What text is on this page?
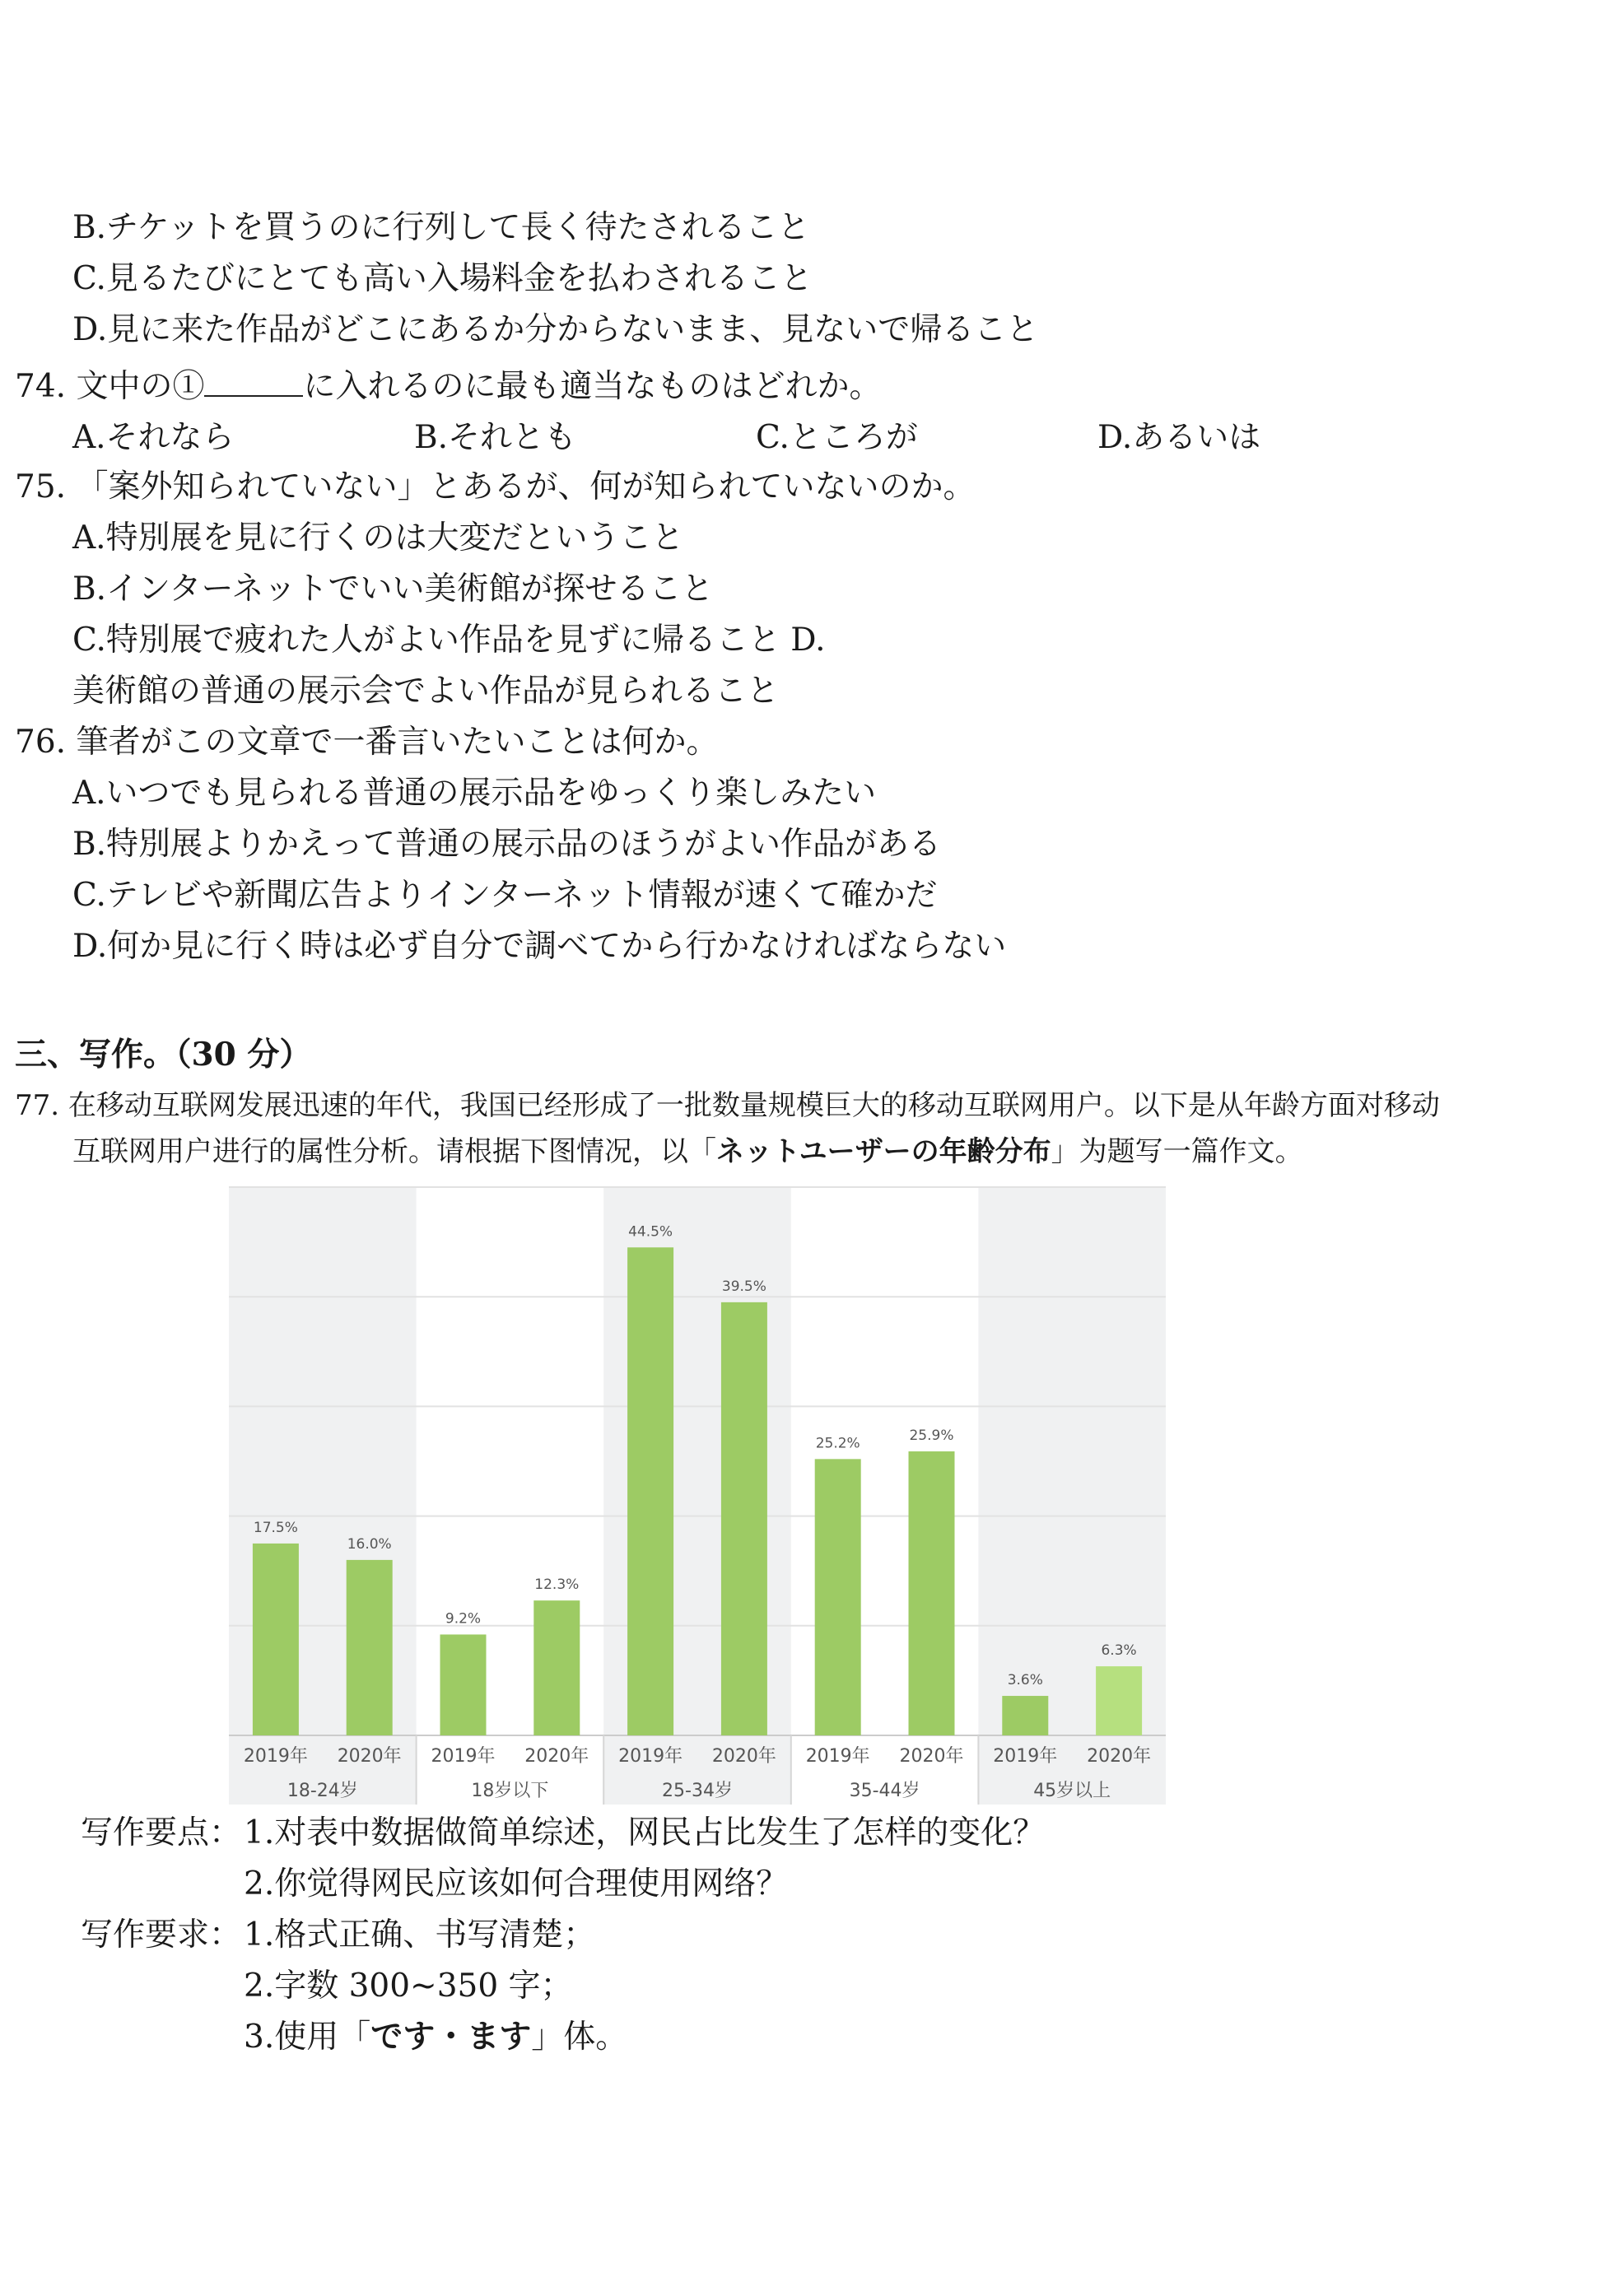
B.チケットを買うのに行列して長く待たされること
C.見るたびにとても高い入場料金を払わされること
D.見に来た作品がどこにあるか分からないまま、見ないで帰ること
74. 文中の①	に入れるのに最も適当なものはどれか。
A.それなら	B.それとも	C.ところが	D.あるいは
75. 「案外知られていない」とあるが、何が知られていないのか。
A.特別展を見に行くのは大変だということ
B.インターネットでいい美術館が探せること
C.特別展で疲れた人がよい作品を見ずに帰ること D.
美術館の普通の展示会でよい作品が見られること
76. 筆者がこの文章で一番言いたいことは何か。
A.いつでも見られる普通の展示品をゆっくり楽しみたい
B.特別展よりかえって普通の展示品のほうがよい作品がある
C.テレビや新聞広告よりインターネット情報が速くて確かだ
D.何か見に行く時は必ず自分で調べてから行かなければならない
三、写作。（30 分）
77. 在移动互联网发展迅速的年代，我国已经形成了一批数量规模巨大的移动互联网用户。以下是从年龄方面对移动
互联网用户进行的属性分析。请根据下图情况，以「ネットユーザーの年齢分布」为题写一篇作文。
17.5%
2019年
16.0%
2020年
18-24岁
9.2%
2019年
12.3%
2020年
18岁以下
44.5%
2019年
39.5%
2020年
25-34岁
25.2%
2019年
25.9%
2020年
35-44岁
3.6%
2019年
6.3%
2020年
45岁以上
写作要点： 1.对表中数据做简单综述，网民占比发生了怎样的变化？
2.你觉得网民应该如何合理使用网络？
写作要求： 1.格式正确、书写清楚；
2.字数 300~350 字；
3.使用「です・ます」体。
